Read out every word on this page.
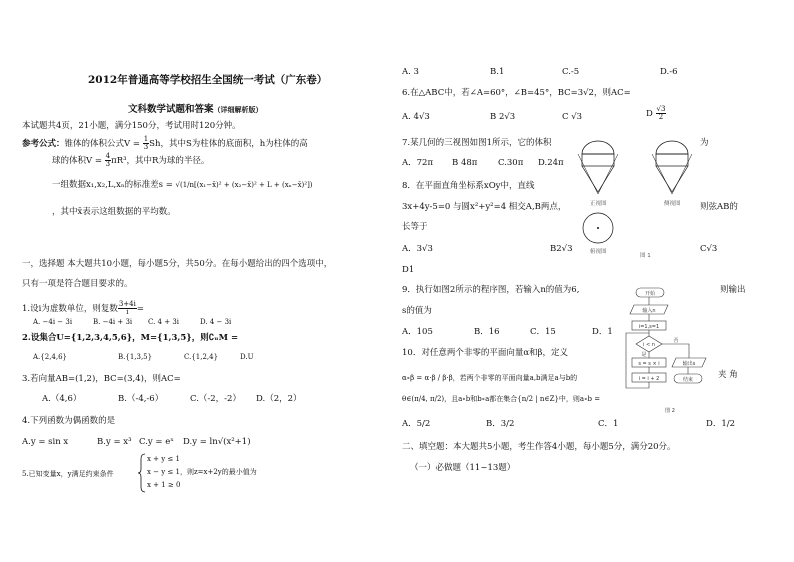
2012年普通高等学校招生全国统一考试（广东卷）
文科数学试题和答案（详细解析版）
本试题共4页，21小题，满分150分，考试用时120分钟。
参考公式：锥体的体积公式$V = \frac{1}{3}$ Sh，其中S为柱体的底面积，h为柱体的高
球的体积$V = \frac{4}{3} \pi R^3$，其中R为球的半径。
一组数据x₁,x₂,L,xₙ的标准差s = √(1/n[(x₁−x̄)² + (x₂−x̄)² + L + (xₙ−x̄)²])
，其中x̄表示这组数据的平均数。
一，选择题 本大题共10小题，每小题5分，共50分。在每小题给出的四个选项中，
只有一项是符合题目要求的。
1.设i为虚数单位，则复数 $\frac{3+4i}{i}$ =
A. −4i − 3i	B. −4i + 3i C. 4 + 3i	D. 4 − 3i
2.设集合U={1,2,3,4,5,6}，M={1,3,5}，则∁ᵤM =
A.{2,4,6}	B.{1,3,5}	C.{1,2,4}	D.U
3.若向量AB=(1,2)，BC=(3,4)，则AC=
A.（4,6）	B.（-4,-6）	C.（-2，-2） D.（2，2）
4.下列函数为偶函数的是
A.y = sin x	B.y = x³ C.y = eˣ D.y = ln√(x²+1)
5.已知变量x，y满足约束条件
x + y ≤ 1
x − y ≤ 1，则z=x+2y的最小值为
x + 1 ≥ 0
A. 3	B.1	C.-5	D.-6
6.在△ABC中，若∠A=60°，∠B=45°，BC=3√2，则AC=
A. 4√3	B 2√3	C √3	D $\frac{√3}{2}$
7.某几何的三视图如图1所示，它的体积	为
A．72π B 48π C.30π D.24π
8．在平面直角坐标系xOy中，直线
3x+4y-5=0 与圆x²+y²=4 相交A,B两点，	则弦AB的
长等于
A．3√3	B2√3	C√3
D1
正视图	侧视图
俯视图
图 1
9．执行如图2所示的程序图，若输入n的值为6,	则输出
s的值为
A．105	B．16	C．15	D．1
开始
输入n
i=1,s=1
i < n
是
否
s = s × i
i = i + 2
输出s
结束
图 2
10．对任意两个非零的平面向量α和β，定义
α∘β = α·β / β·β，若两个非零的平面向量a,b满足a与b的	夹 角
θ∈(π/4, π/2)，且a∘b和b∘a都在集合{n/2 | n∈Z}中，则a∘b =
A．5/2	B．3/2	C．1	D．1/2
二、填空题：本大题共5小题，考生作答4小题，每小题5分，满分20分。
（一）必做题（11~13题）
